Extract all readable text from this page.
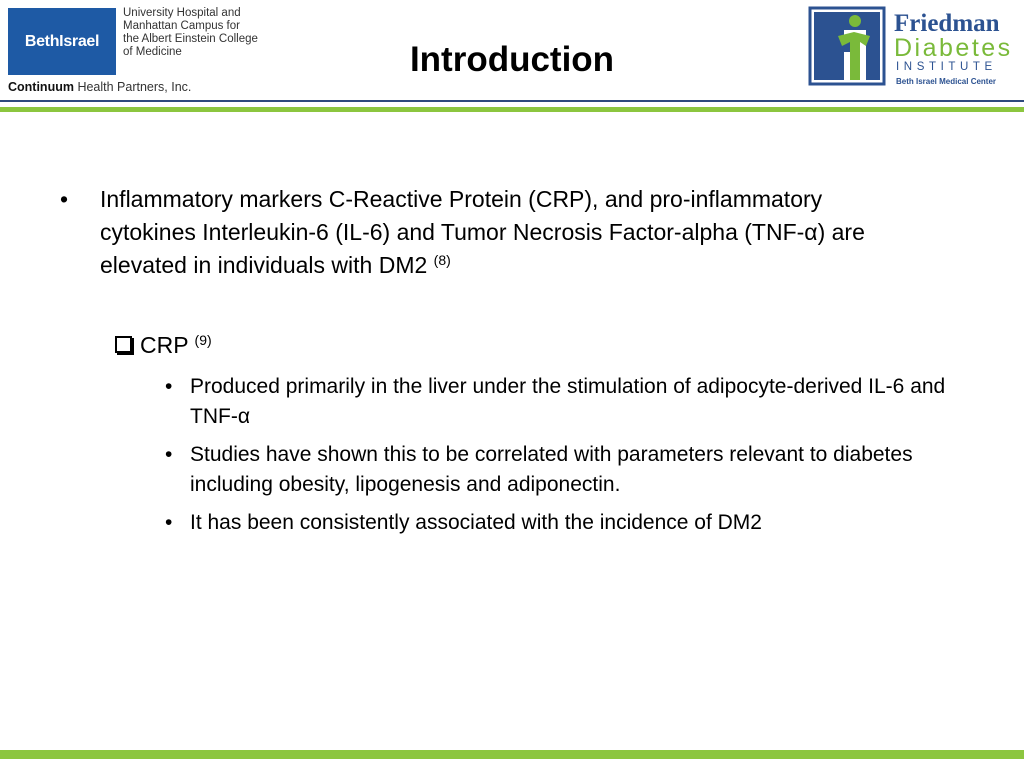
BethIsrael
University Hospital and
Manhattan Campus for
the Albert Einstein College
of Medicine
Continuum Health Partners, Inc.
Introduction
Friedman
Diabetes
INSTITUTE
Beth Israel Medical Center
• Inflammatory markers C-Reactive Protein (CRP), and pro-inflammatory cytokines Interleukin-6 (IL-6) and Tumor Necrosis Factor-alpha (TNF-α) are elevated in individuals with DM2 $^{(8)}$
CRP $^{(9)}$
• Produced primarily in the liver under the stimulation of adipocyte-derived IL-6 and TNF-α
• Studies have shown this to be correlated with parameters relevant to diabetes including obesity, lipogenesis and adiponectin.
• It has been consistently associated with the incidence of DM2
